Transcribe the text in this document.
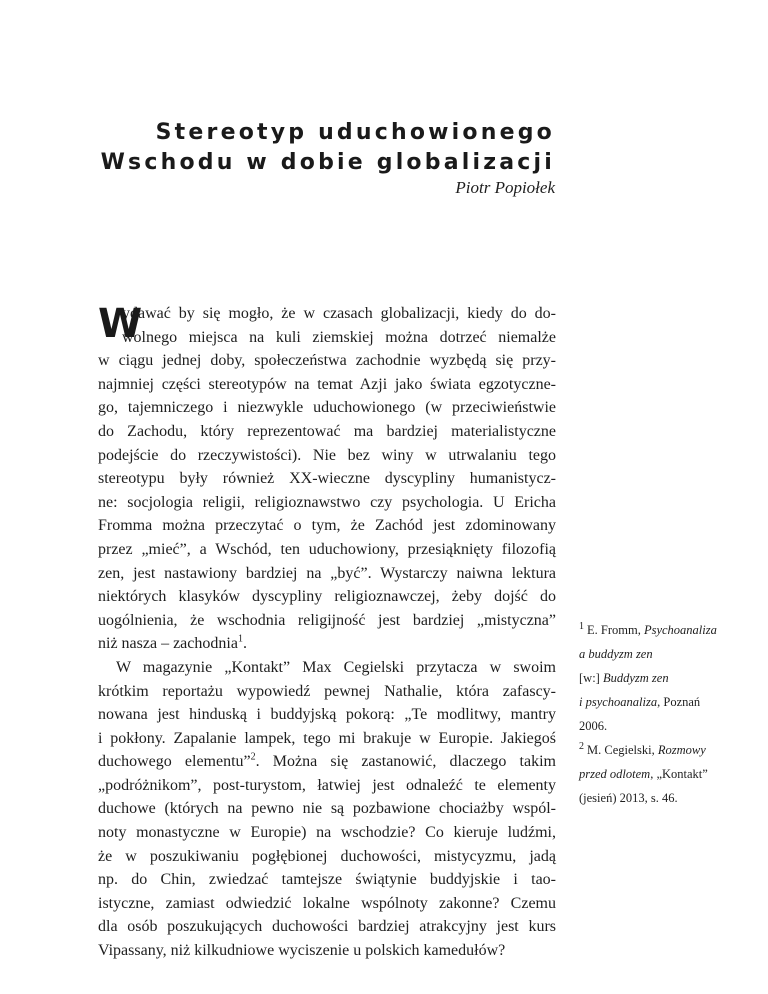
Stereotyp uduchowionego
Wschodu w dobie globalizacji
Piotr Popiołek
W
ydawać by się mogło, że w czasach globalizacji, kiedy do do-
wolnego miejsca na kuli ziemskiej można dotrzeć niemalże
w ciągu jednej doby, społeczeństwa zachodnie wyzbędą się przy-
najmniej części stereotypów na temat Azji jako świata egzotyczne-
go, tajemniczego i niezwykle uduchowionego (w przeciwieństwie
do Zachodu, który reprezentować ma bardziej materialistyczne
podejście do rzeczywistości). Nie bez winy w utrwalaniu tego
stereotypu były również XX-wieczne dyscypliny humanistycz-
ne: socjologia religii, religioznawstwo czy psychologia. U Ericha
Fromma można przeczytać o tym, że Zachód jest zdominowany
przez „mieć”, a Wschód, ten uduchowiony, przesiąknięty filozofią
zen, jest nastawiony bardziej na „być”. Wystarczy naiwna lektura
niektórych klasyków dyscypliny religioznawczej, żeby dojść do
uogólnienia, że wschodnia religijność jest bardziej „mistyczna”
niż nasza – zachodnia$^1$.
W magazynie „Kontakt” Max Cegielski przytacza w swoim
krótkim reportażu wypowiedź pewnej Nathalie, która zafascy-
nowana jest hinduską i buddyjską pokorą: „Te modlitwy, mantry
i pokłony. Zapalanie lampek, tego mi brakuje w Europie. Jakiegoś
duchowego elementu”$^2$. Można się zastanowić, dlaczego takim
„podróżnikom”, post-turystom, łatwiej jest odnaleźć te elementy
duchowe (których na pewno nie są pozbawione chociażby wspól-
noty monastyczne w Europie) na wschodzie? Co kieruje ludźmi,
że w poszukiwaniu pogłębionej duchowości, mistycyzmu, jadą
np. do Chin, zwiedzać tamtejsze świątynie buddyjskie i tao-
istyczne, zamiast odwiedzić lokalne wspólnoty zakonne? Czemu
dla osób poszukujących duchowości bardziej atrakcyjny jest kurs
Vipassany, niż kilkudniowe wyciszenie u polskich kamedułów?
$^1$ E. Fromm, Psychoanaliza
a buddyzm zen
[w:] Buddyzm zen
i psychoanaliza, Poznań
2006.
$^2$ M. Cegielski, Rozmowy
przed odlotem, „Kontakt”
(jesień) 2013, s. 46.
